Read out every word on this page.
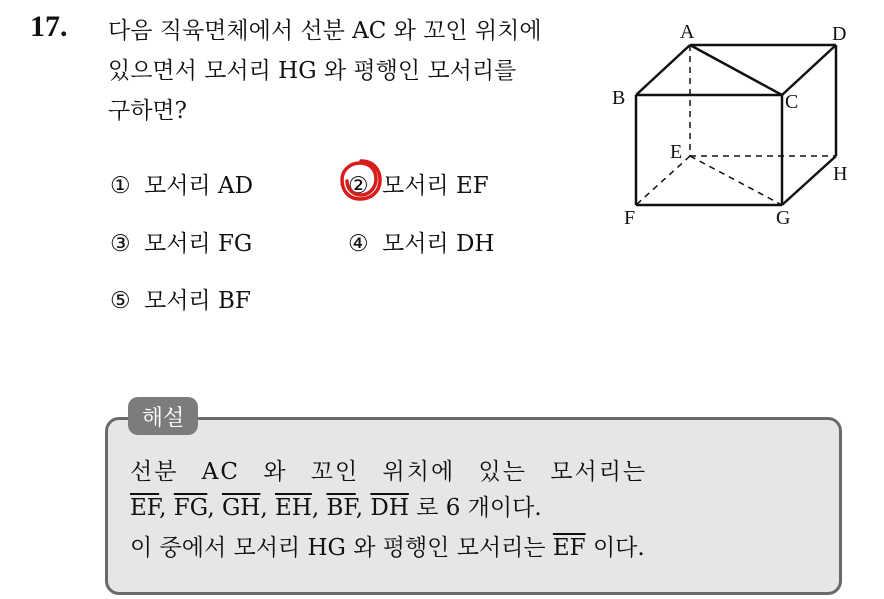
17. 다음 직육면체에서 선분 AC 와 꼬인 위치에
있으면서 모서리 HG 와 평행인 모서리를
구하면?
① 모서리 AD	② 모서리 EF
③ 모서리 FG	④ 모서리 DH
⑤ 모서리 BF
A	D
B	C
E
H
F	G
해설
선분 AC 와 꼬인 위치에 있는 모서리는
$\overline{EF}$, $\overline{FG}$, $\overline{GH}$, $\overline{EH}$, $\overline{BF}$, $\overline{DH}$ 로 6 개이다.
이 중에서 모서리 HG 와 평행인 모서리는 $\overline{EF}$ 이다.
